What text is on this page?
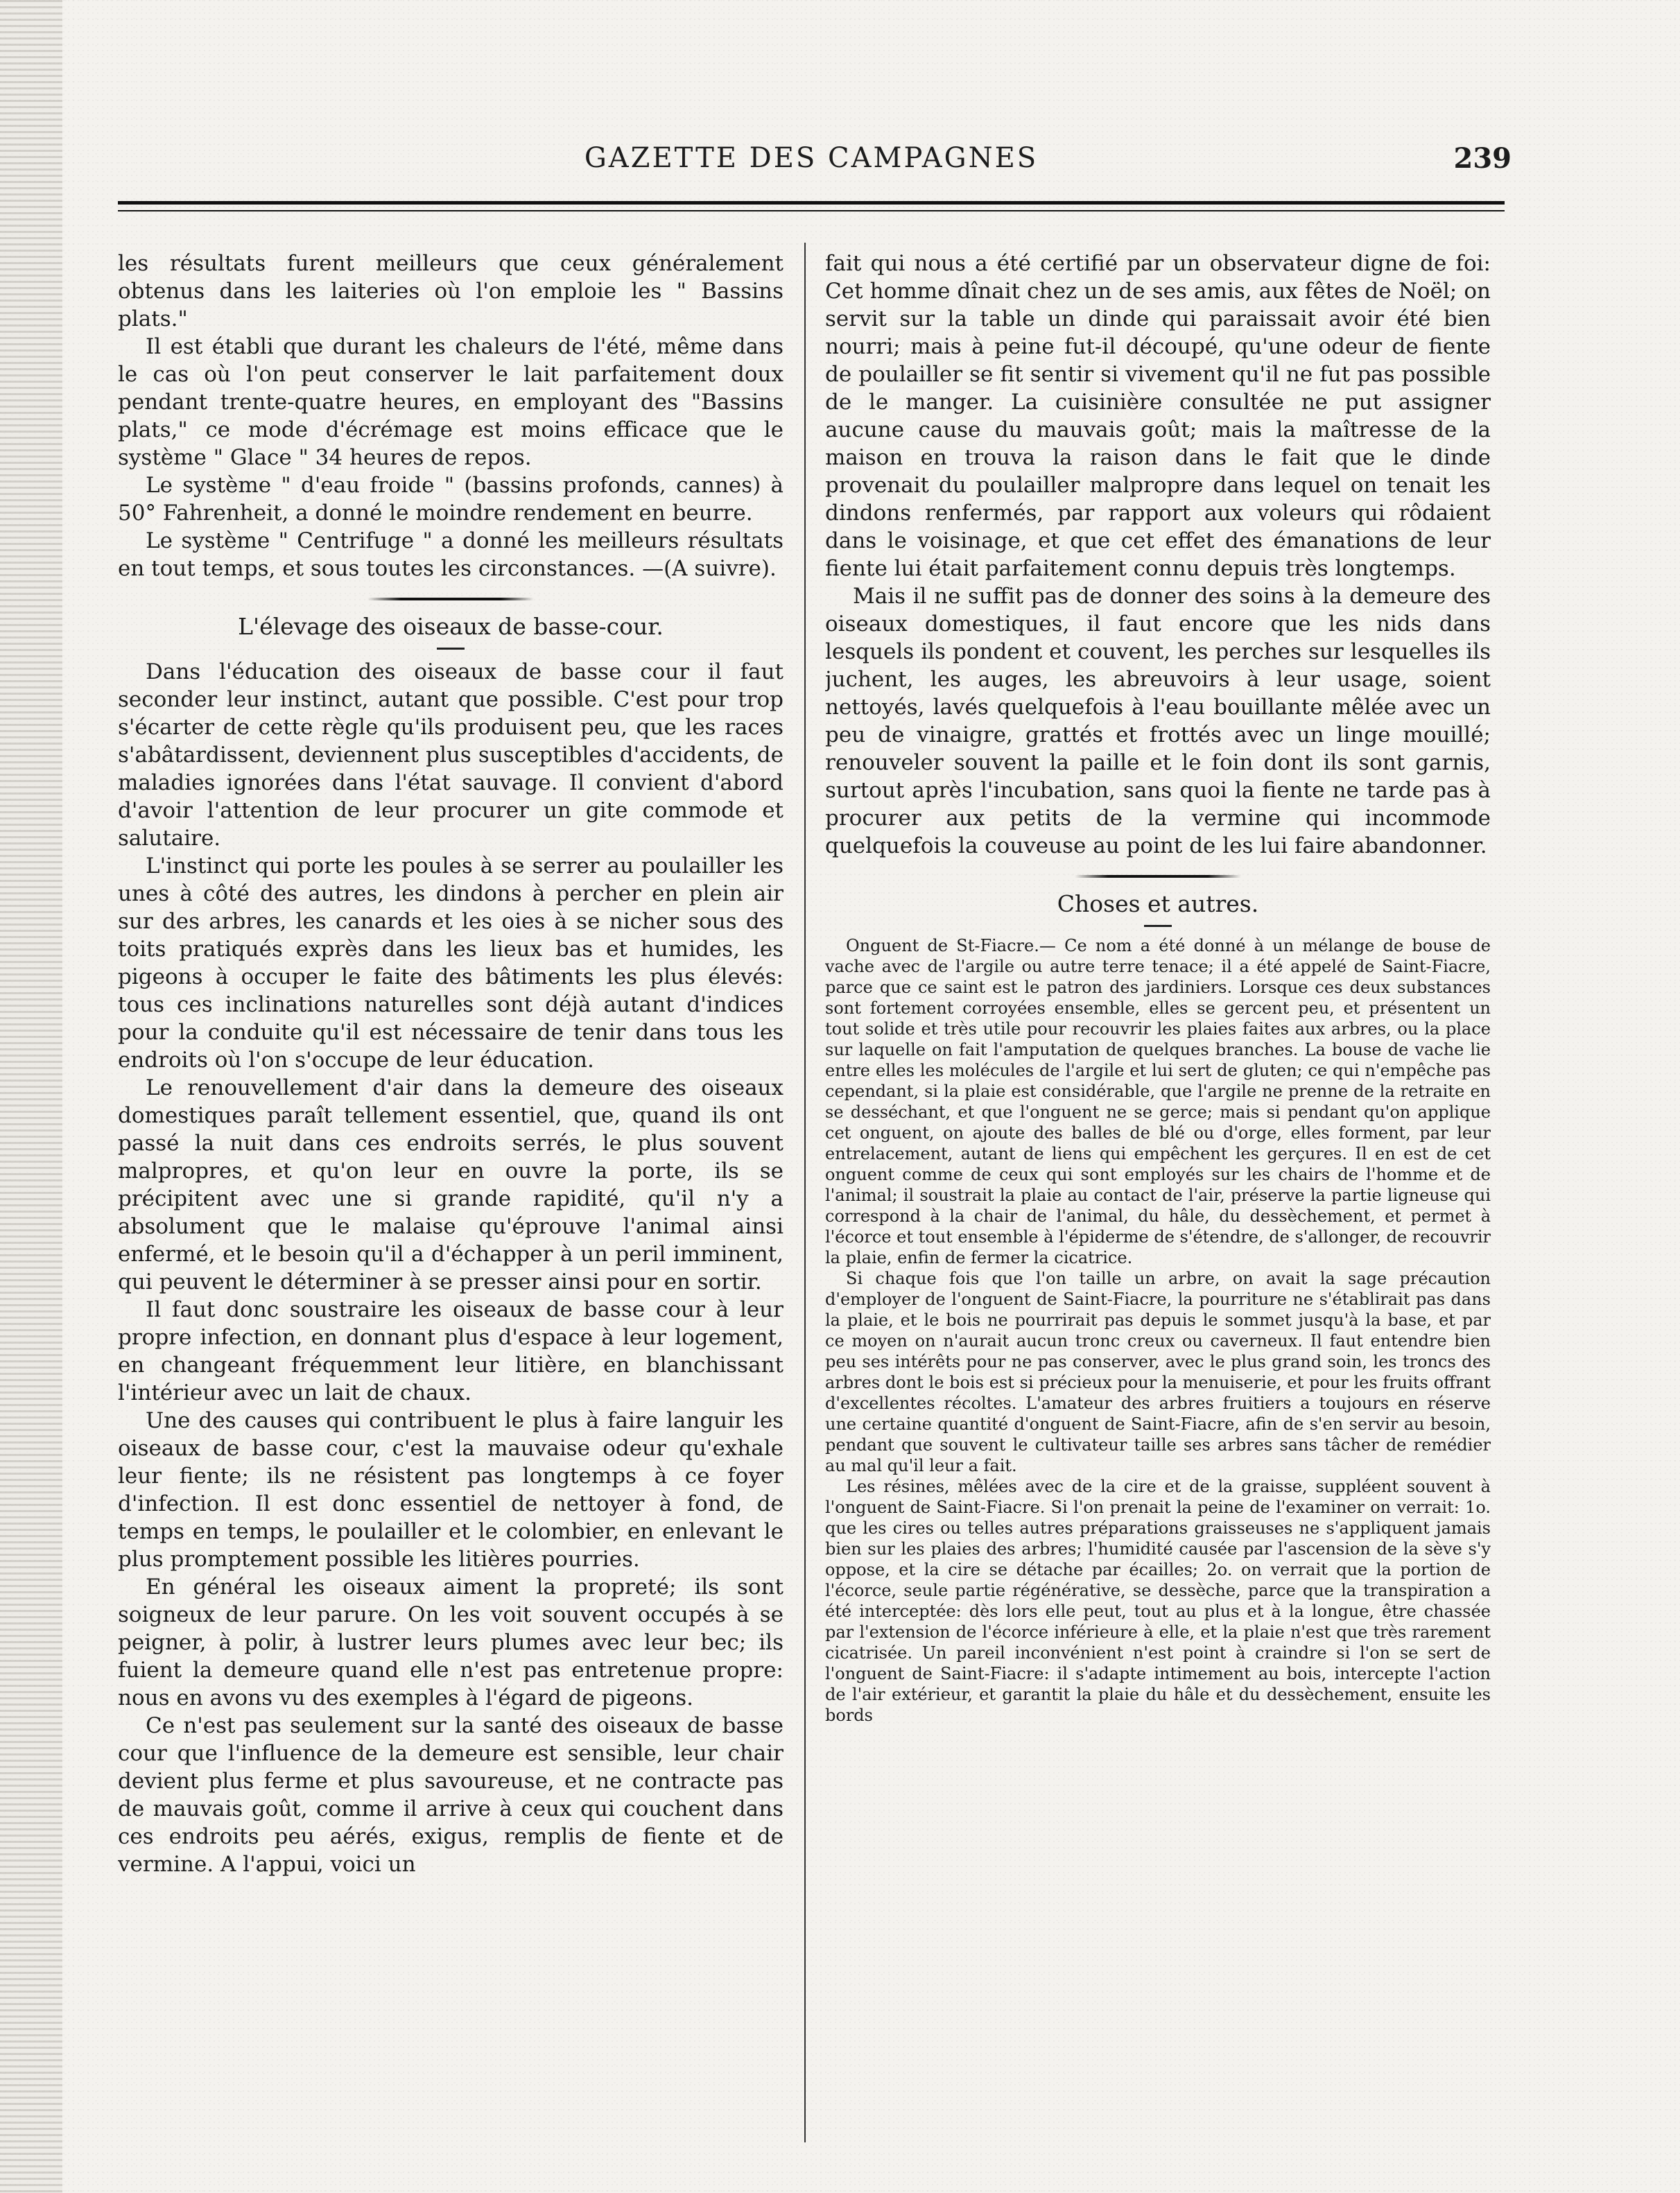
GAZETTE DES CAMPAGNES	239

les résultats furent meilleurs que ceux généralement obtenus dans les laiteries où l'on emploie les " Bassins plats."

Il est établi que durant les chaleurs de l'été, même dans le cas où l'on peut conserver le lait parfaitement doux pendant trente-quatre heures, en employant des "Bassins plats," ce mode d'écrémage est moins efficace que le système " Glace " 34 heures de repos.

Le système " d'eau froide " (bassins profonds, cannes) à 50° Fahrenheit, a donné le moindre rendement en beurre.

Le système " Centrifuge " a donné les meilleurs résultats en tout temps, et sous toutes les circonstances. —(A suivre).

L'élevage des oiseaux de basse-cour.

Dans l'éducation des oiseaux de basse cour il faut seconder leur instinct, autant que possible. C'est pour trop s'écarter de cette règle qu'ils produisent peu, que les races s'abâtardissent, deviennent plus susceptibles d'accidents, de maladies ignorées dans l'état sauvage. Il convient d'abord d'avoir l'attention de leur procurer un gite commode et salutaire.

L'instinct qui porte les poules à se serrer au poulailler les unes à côté des autres, les dindons à percher en plein air sur des arbres, les canards et les oies à se nicher sous des toits pratiqués exprès dans les lieux bas et humides, les pigeons à occuper le faite des bâtiments les plus élevés: tous ces inclinations naturelles sont déjà autant d'indices pour la conduite qu'il est nécessaire de tenir dans tous les endroits où l'on s'occupe de leur éducation.

Le renouvellement d'air dans la demeure des oiseaux domestiques paraît tellement essentiel, que, quand ils ont passé la nuit dans ces endroits serrés, le plus souvent malpropres, et qu'on leur en ouvre la porte, ils se précipitent avec une si grande rapidité, qu'il n'y a absolument que le malaise qu'éprouve l'animal ainsi enfermé, et le besoin qu'il a d'échapper à un peril imminent, qui peuvent le déterminer à se presser ainsi pour en sortir.

Il faut donc soustraire les oiseaux de basse cour à leur propre infection, en donnant plus d'espace à leur logement, en changeant fréquemment leur litière, en blanchissant l'intérieur avec un lait de chaux.

Une des causes qui contribuent le plus à faire languir les oiseaux de basse cour, c'est la mauvaise odeur qu'exhale leur fiente; ils ne résistent pas longtemps à ce foyer d'infection. Il est donc essentiel de nettoyer à fond, de temps en temps, le poulailler et le colombier, en enlevant le plus promptement possible les litières pourries.

En général les oiseaux aiment la propreté; ils sont soigneux de leur parure. On les voit souvent occupés à se peigner, à polir, à lustrer leurs plumes avec leur bec; ils fuient la demeure quand elle n'est pas entretenue propre: nous en avons vu des exemples à l'égard de pigeons.

Ce n'est pas seulement sur la santé des oiseaux de basse cour que l'influence de la demeure est sensible, leur chair devient plus ferme et plus savoureuse, et ne contracte pas de mauvais goût, comme il arrive à ceux qui couchent dans ces endroits peu aérés, exigus, remplis de fiente et de vermine. A l'appui, voici un

fait qui nous a été certifié par un observateur digne de foi: Cet homme dînait chez un de ses amis, aux fêtes de Noël; on servit sur la table un dinde qui paraissait avoir été bien nourri; mais à peine fut-il découpé, qu'une odeur de fiente de poulailler se fit sentir si vivement qu'il ne fut pas possible de le manger. La cuisinière consultée ne put assigner aucune cause du mauvais goût; mais la maîtresse de la maison en trouva la raison dans le fait que le dinde provenait du poulailler malpropre dans lequel on tenait les dindons renfermés, par rapport aux voleurs qui rôdaient dans le voisinage, et que cet effet des émanations de leur fiente lui était parfaitement connu depuis très longtemps.

Mais il ne suffit pas de donner des soins à la demeure des oiseaux domestiques, il faut encore que les nids dans lesquels ils pondent et couvent, les perches sur lesquelles ils juchent, les auges, les abreuvoirs à leur usage, soient nettoyés, lavés quelquefois à l'eau bouillante mêlée avec un peu de vinaigre, grattés et frottés avec un linge mouillé; renouveler souvent la paille et le foin dont ils sont garnis, surtout après l'incubation, sans quoi la fiente ne tarde pas à procurer aux petits de la vermine qui incommode quelquefois la couveuse au point de les lui faire abandonner.

Choses et autres.

Onguent de St-Fiacre.— Ce nom a été donné à un mélange de bouse de vache avec de l'argile ou autre terre tenace; il a été appelé de Saint-Fiacre, parce que ce saint est le patron des jardiniers. Lorsque ces deux substances sont fortement corroyées ensemble, elles se gercent peu, et présentent un tout solide et très utile pour recouvrir les plaies faites aux arbres, ou la place sur laquelle on fait l'amputation de quelques branches. La bouse de vache lie entre elles les molécules de l'argile et lui sert de gluten; ce qui n'empêche pas cependant, si la plaie est considérable, que l'argile ne prenne de la retraite en se desséchant, et que l'onguent ne se gerce; mais si pendant qu'on applique cet onguent, on ajoute des balles de blé ou d'orge, elles forment, par leur entrelacement, autant de liens qui empêchent les gerçures. Il en est de cet onguent comme de ceux qui sont employés sur les chairs de l'homme et de l'animal; il soustrait la plaie au contact de l'air, préserve la partie ligneuse qui correspond à la chair de l'animal, du hâle, du dessèchement, et permet à l'écorce et tout ensemble à l'épiderme de s'étendre, de s'allonger, de recouvrir la plaie, enfin de fermer la cicatrice.

Si chaque fois que l'on taille un arbre, on avait la sage précaution d'employer de l'onguent de Saint-Fiacre, la pourriture ne s'établirait pas dans la plaie, et le bois ne pourrirait pas depuis le sommet jusqu'à la base, et par ce moyen on n'aurait aucun tronc creux ou caverneux. Il faut entendre bien peu ses intérêts pour ne pas conserver, avec le plus grand soin, les troncs des arbres dont le bois est si précieux pour la menuiserie, et pour les fruits offrant d'excellentes récoltes. L'amateur des arbres fruitiers a toujours en réserve une certaine quantité d'onguent de Saint-Fiacre, afin de s'en servir au besoin, pendant que souvent le cultivateur taille ses arbres sans tâcher de remédier au mal qu'il leur a fait.

Les résines, mêlées avec de la cire et de la graisse, suppléent souvent à l'onguent de Saint-Fiacre. Si l'on prenait la peine de l'examiner on verrait: 1o. que les cires ou telles autres préparations graisseuses ne s'appliquent jamais bien sur les plaies des arbres; l'humidité causée par l'ascension de la sève s'y oppose, et la cire se détache par écailles; 2o. on verrait que la portion de l'écorce, seule partie régénérative, se dessèche, parce que la transpiration a été interceptée: dès lors elle peut, tout au plus et à la longue, être chassée par l'extension de l'écorce inférieure à elle, et la plaie n'est que très rarement cicatrisée. Un pareil inconvénient n'est point à craindre si l'on se sert de l'onguent de Saint-Fiacre: il s'adapte intimement au bois, intercepte l'action de l'air extérieur, et garantit la plaie du hâle et du dessèchement, ensuite les bords
